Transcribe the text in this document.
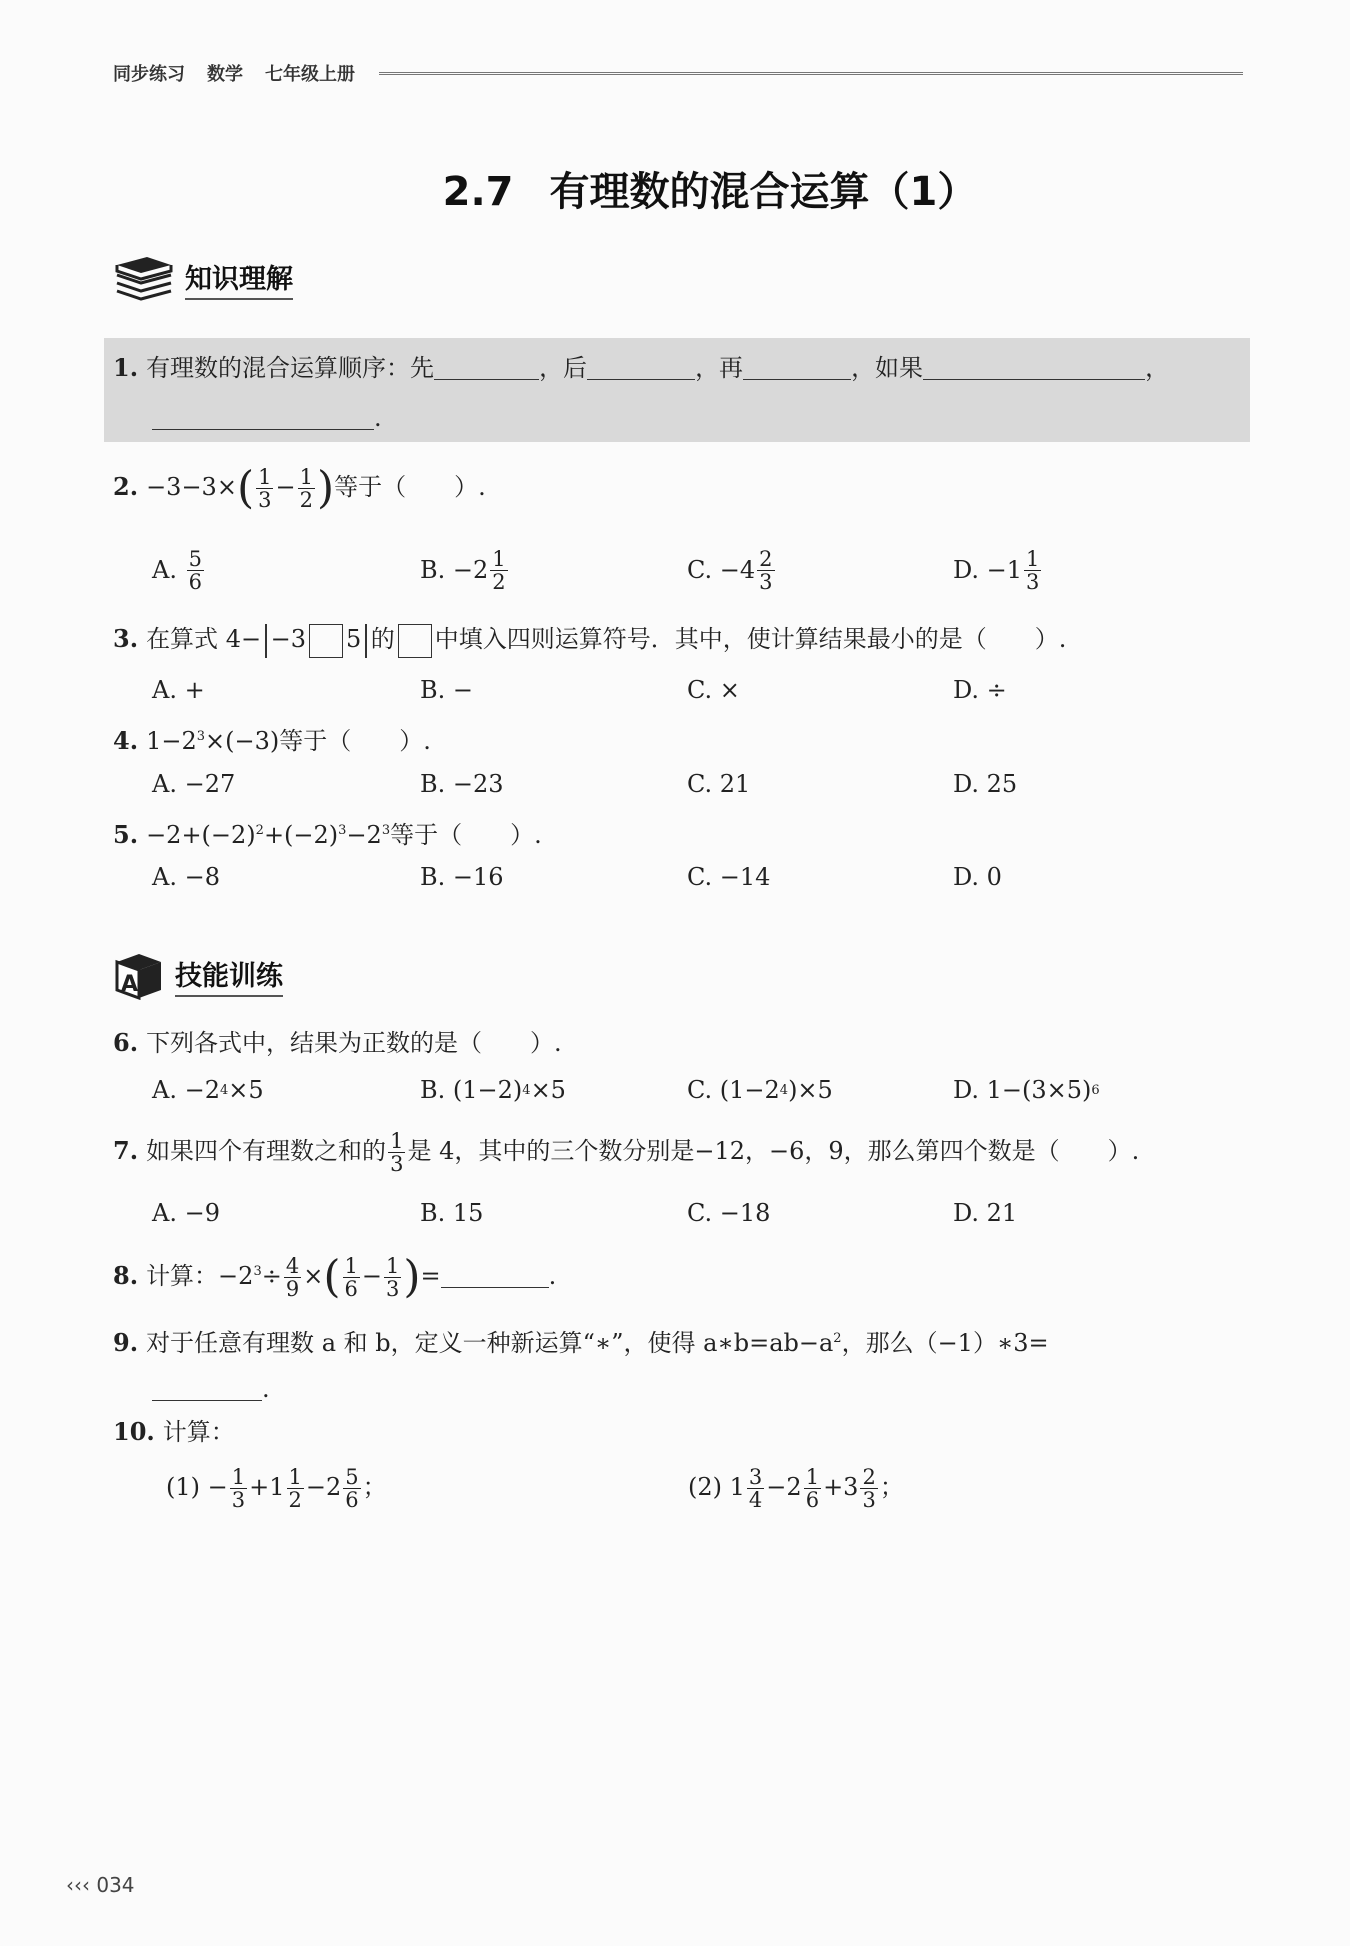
同步练习 数学 七年级上册
2.7 有理数的混合运算（1）
知识理解
1. 有理数的混合运算顺序：先	，后	，再	，如果	，
.
2. $-3-3\times( \frac{1}{3} - \frac{1}{2}$ )等于（　　）.
A.
$\frac{5}{6}$	B.
$-2 \frac{1}{2}$	C.
$-4 \frac{2}{3}$	D.
$-1 \frac{1}{3}$
3. 在算式 4− −3 5 的 中填入四则运算符号．其中，使计算结果最小的是（　　）.
A. +	B. −	C. ×	D. ÷
4. $1-2^3\times(-3)$等于（　　）.
A. −27	B. −23	C. 21	D. 25
5. $-2+(-2)^2+(-2)^3-2^3$等于（　　）.
A. −8	B. −16	C. −14	D. 0
A 技能训练
6. 下列各式中，结果为正数的是（　　）.
A. −2 4 ×5	B. (1−2) 4 ×5	C. (1−2 4 )×5	D. 1−(3×5) 6
7. 如果四个有理数之和的 $\frac{1}{3}$ 是 4，其中的三个数分别是−12，−6，9，那么第四个数是（　　）.
A. −9	B. 15	C. −18	D. 21
8. 计算：$-2^3\div \frac{4}{9}$ ×( $\frac{1}{6} - \frac{1}{3}$ )=	.
9. 对于任意有理数 a 和 b，定义一种新运算“∗”，使得 $a∗b=ab-a^2$，那么（−1）∗3=
.
10. 计算：
$(1) - \frac{1}{3} +1 \frac{1}{2} -2 \frac{5}{6}$ ；	(2) $1 \frac{3}{4} -2 \frac{1}{6} +3 \frac{2}{3}$ ；
‹‹‹ 034
